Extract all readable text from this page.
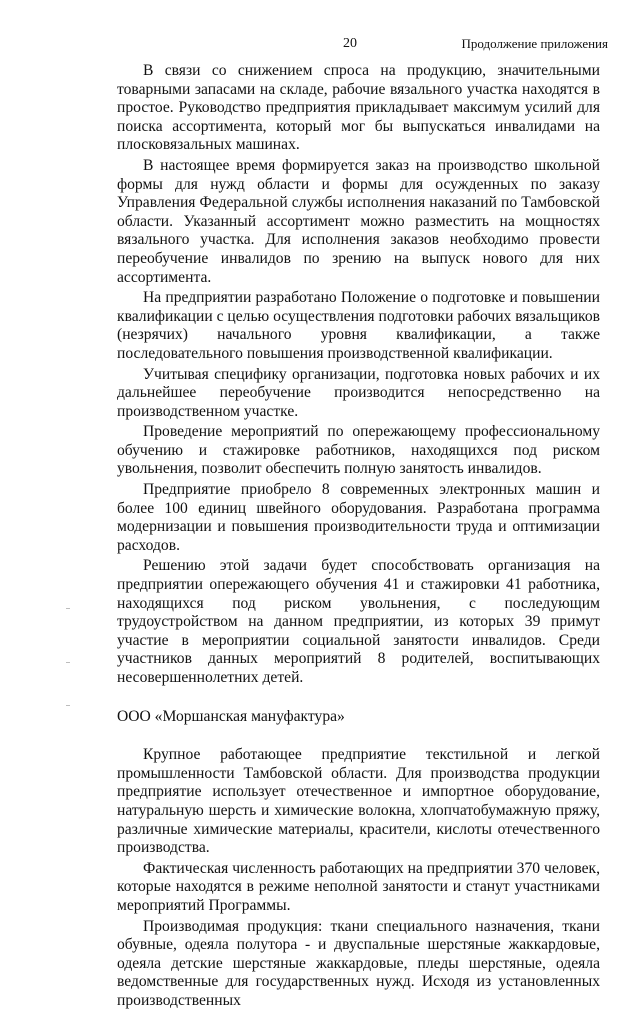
20	Продолжение приложения

В связи со снижением спроса на продукцию, значительными товарными запасами на складе, рабочие вязального участка находятся в простое. Руководство предприятия прикладывает максимум усилий для поиска ассортимента, который мог бы выпускаться инвалидами на плосковязальных машинах.

В настоящее время формируется заказ на производство школьной формы для нужд области и формы для осужденных по заказу Управления Федеральной службы исполнения наказаний по Тамбовской области. Указанный ассортимент можно разместить на мощностях вязального участка. Для исполнения заказов необходимо провести переобучение инвалидов по зрению на выпуск нового для них ассортимента.

На предприятии разработано Положение о подготовке и повышении квалификации с целью осуществления подготовки рабочих вязальщиков (незрячих) начального уровня квалификации, а также последовательного повышения производственной квалификации.

Учитывая специфику организации, подготовка новых рабочих и их дальнейшее переобучение производится непосредственно на производственном участке.

Проведение мероприятий по опережающему профессиональному обучению и стажировке работников, находящихся под риском увольнения, позволит обеспечить полную занятость инвалидов.

Предприятие приобрело 8 современных электронных машин и более 100 единиц швейного оборудования. Разработана программа модернизации и повышения производительности труда и оптимизации расходов.

Решению этой задачи будет способствовать организация на предприятии опережающего обучения 41 и стажировки 41 работника, находящихся под риском увольнения, с последующим трудоустройством на данном предприятии, из которых 39 примут участие в мероприятии социальной занятости инвалидов. Среди участников данных мероприятий 8 родителей, воспитывающих несовершеннолетних детей.

ООО «Моршанская мануфактура»

Крупное работающее предприятие текстильной и легкой промышленности Тамбовской области. Для производства продукции предприятие использует отечественное и импортное оборудование, натуральную шерсть и химические волокна, хлопчатобумажную пряжу, различные химические материалы, красители, кислоты отечественного производства.

Фактическая численность работающих на предприятии 370 человек, которые находятся в режиме неполной занятости и станут участниками мероприятий Программы.

Производимая продукция: ткани специального назначения, ткани обувные, одеяла полутора - и двуспальные шерстяные жаккардовые, одеяла детские шерстяные жаккардовые, пледы шерстяные, одеяла ведомственные для государственных нужд. Исходя из установленных производственных
